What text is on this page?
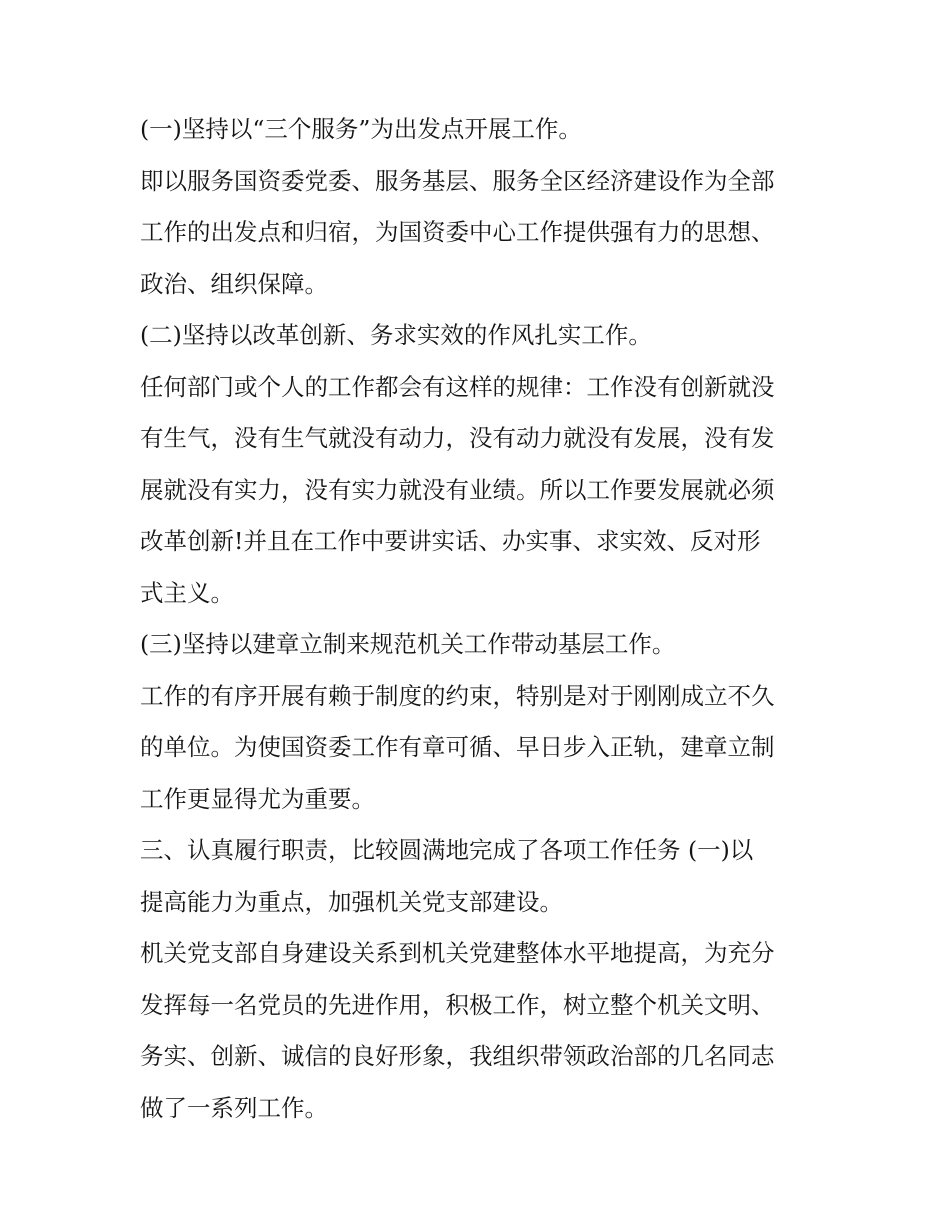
(一)坚持以“三个服务”为出发点开展工作。

即以服务国资委党委、服务基层、服务全区经济建设作为全部

工作的出发点和归宿，为国资委中心工作提供强有力的思想、

政治、组织保障。

(二)坚持以改革创新、务求实效的作风扎实工作。

任何部门或个人的工作都会有这样的规律：工作没有创新就没

有生气，没有生气就没有动力，没有动力就没有发展，没有发

展就没有实力，没有实力就没有业绩。所以工作要发展就必须

改革创新!并且在工作中要讲实话、办实事、求实效、反对形

式主义。

(三)坚持以建章立制来规范机关工作带动基层工作。

工作的有序开展有赖于制度的约束，特别是对于刚刚成立不久

的单位。为使国资委工作有章可循、早日步入正轨，建章立制

工作更显得尤为重要。

三、认真履行职责，比较圆满地完成了各项工作任务 (一)以

提高能力为重点，加强机关党支部建设。

机关党支部自身建设关系到机关党建整体水平地提高，为充分

发挥每一名党员的先进作用，积极工作，树立整个机关文明、

务实、创新、诚信的良好形象，我组织带领政治部的几名同志

做了一系列工作。
